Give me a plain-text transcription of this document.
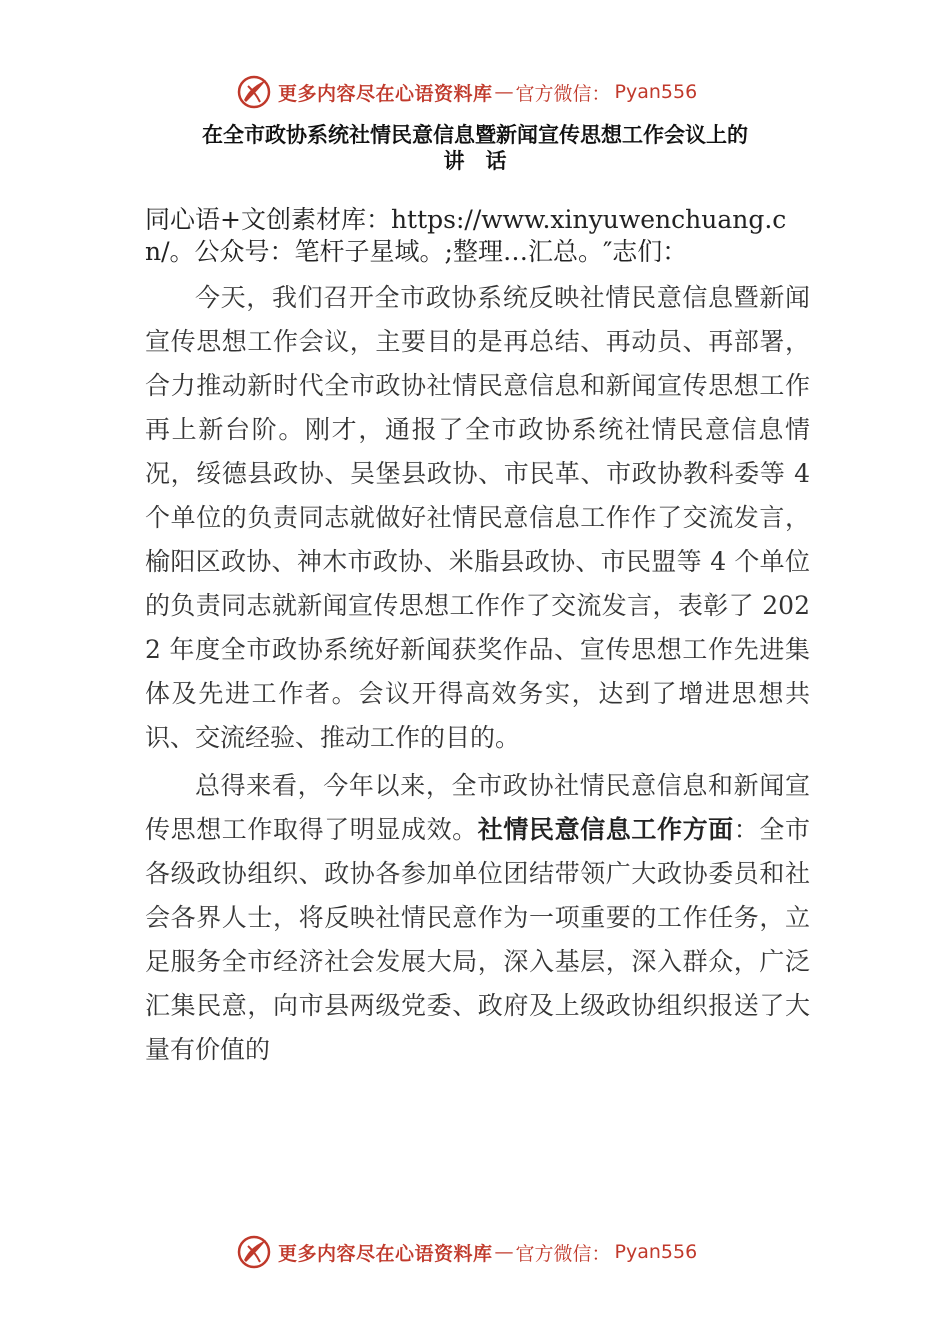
更多内容尽在心语资料库 — 官方微信： Pyan556
在全市政协系统社情民意信息暨新闻宣传思想工作会议上的
讲　话

同心语+文创素材库：https://www.xinyuwenchuang.cn/。公众号：笔杆子星域。;整理…汇总。″志们：

今天，我们召开全市政协系统反映社情民意信息暨新闻宣传思想工作会议，主要目的是再总结、再动员、再部署，合力推动新时代全市政协社情民意信息和新闻宣传思想工作再上新台阶。刚才，通报了全市政协系统社情民意信息情况，绥德县政协、吴堡县政协、市民革、市政协教科委等 4 个单位的负责同志就做好社情民意信息工作作了交流发言，榆阳区政协、神木市政协、米脂县政协、市民盟等 4 个单位的负责同志就新闻宣传思想工作作了交流发言，表彰了 2022 年度全市政协系统好新闻获奖作品、宣传思想工作先进集体及先进工作者。会议开得高效务实，达到了增进思想共识、交流经验、推动工作的目的。

总得来看，今年以来，全市政协社情民意信息和新闻宣传思想工作取得了明显成效。社情民意信息工作方面：全市各级政协组织、政协各参加单位团结带领广大政协委员和社会各界人士，将反映社情民意作为一项重要的工作任务，立足服务全市经济社会发展大局，深入基层，深入群众，广泛汇集民意，向市县两级党委、政府及上级政协组织报送了大量有价值的

更多内容尽在心语资料库 — 官方微信： Pyan556
